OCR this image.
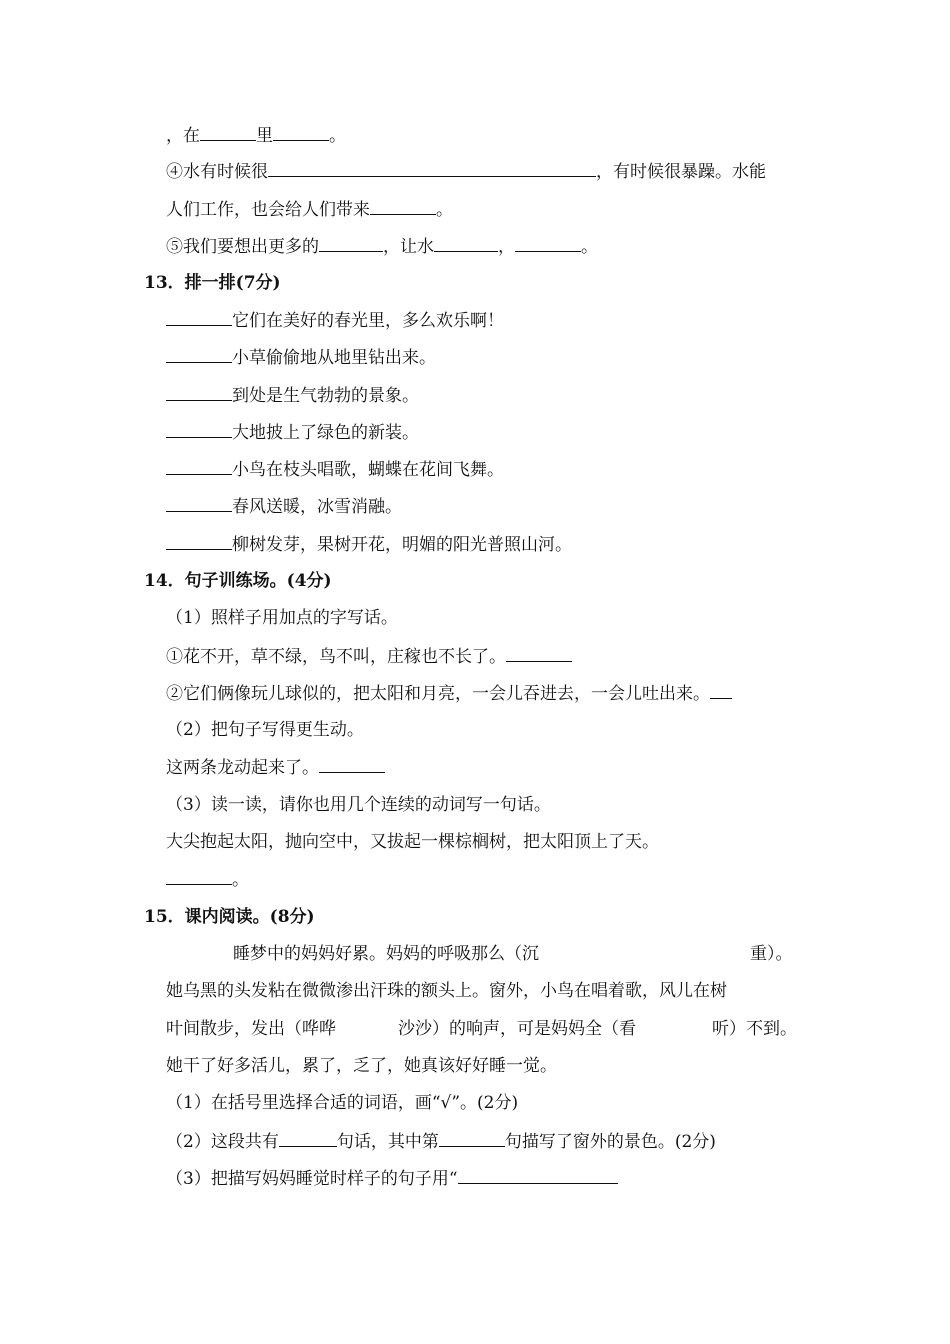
，在	里	。
④水有时候很	，有时候很暴躁。水能
人们工作，也会给人们带来	。
⑤我们要想出更多的	，让水	，	。
13．排一排(7分)
它们在美好的春光里，多么欢乐啊！
小草偷偷地从地里钻出来。
到处是生气勃勃的景象。
大地披上了绿色的新装。
小鸟在枝头唱歌，蝴蝶在花间飞舞。
春风送暖，冰雪消融。
柳树发芽，果树开花，明媚的阳光普照山河。
14．句子训练场。(4分)
（1）照样子用加点的字写话。
①花不开，草不绿，鸟不叫，庄稼也不长了。
②它们俩像玩儿球似的，把太阳和月亮，一会儿吞进去，一会儿吐出来。
（2）把句子写得更生动。
这两条龙动起来了。
（3）读一读，请你也用几个连续的动词写一句话。
大尖抱起太阳，抛向空中，又拔起一棵棕榈树，把太阳顶上了天。
。
15．课内阅读。(8分)
睡梦中的妈妈好累。妈妈的呼吸那么（沉	重）。
她乌黑的头发粘在微微渗出汗珠的额头上。窗外，小鸟在唱着歌，风儿在树
叶间散步，发出（哗哗	沙沙）的响声，可是妈妈全（看	听）不到。
她干了好多活儿，累了，乏了，她真该好好睡一觉。
（1）在括号里选择合适的词语，画“√”。(2分)
（2）这段共有	句话，其中第	句描写了窗外的景色。(2分)
（3）把描写妈妈睡觉时样子的句子用“
